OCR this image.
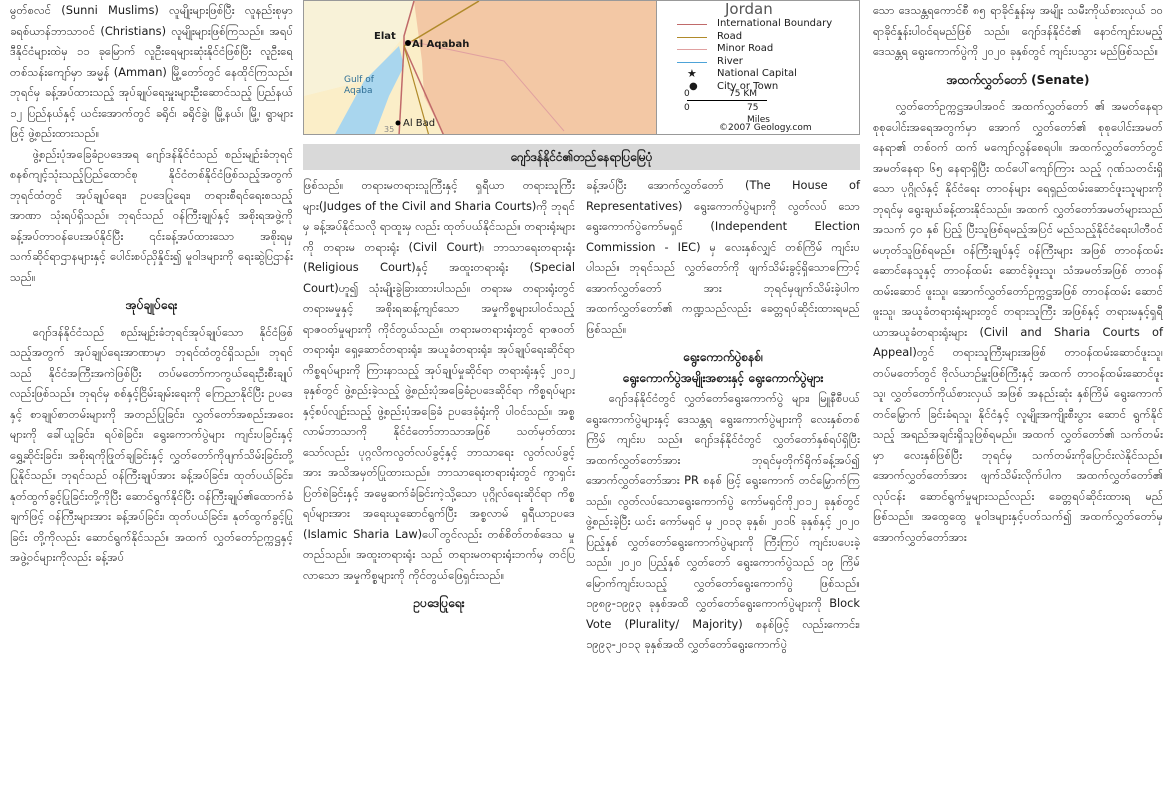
မွတ်စလင် (Sunni Muslims) လူမျိုးများဖြစ်ပြီး လူနည်းစုမှာ ခရစ်ယာန်ဘာသာဝင် (Christians) လူမျိုးများဖြစ်ကြသည်။ အရပ်ဒီနိုင်ငံများထဲမှ ၁၁ ခုမြောက် လူဦးရေများဆုံးနိုင်ငံဖြစ်ပြီး လူဦးရေ တစ်သန်းကျော်မှာ အမ္မန် (Amman) မြို့တော်တွင် နေထိုင်ကြသည်။ ဘုရင်မှ ခန့်အပ်ထားသည့် အုပ်ချုပ်ရေးမှူးများဦးဆောင်သည့် ပြည်နယ် ၁၂ ပြည်နယ်နှင့် ယင်းအောက်တွင် ခရိုင်၊ ခရိုင်ခွဲ၊ မြို့နယ်၊ မြို့၊ ရွာများဖြင့် ဖွဲ့စည်းထားသည်။

ဖွဲ့စည်းပုံအခြေခံဥပဒေအရ ဂျော်ဒန်နိုင်ငံသည် စည်းမျဉ်းခံဘုရင်စနစ်ကျင့်သုံးသည့်ပြည်ထောင်စု နိုင်ငံတစ်နိုင်ငံဖြစ်သည့်အတွက် ဘုရင်ထံတွင် အုပ်ချုပ်ရေး၊ ဥပဒေပြုရေး၊ တရားစီရင်ရေးစသည့် အာဏာ သုံးရပ်ရှိသည်။ ဘုရင်သည် ဝန်ကြီးချုပ်နှင့် အစိုးရအဖွဲ့ကို ခန့်အပ်တာဝန်ပေးအပ်နိုင်ပြီး ၎င်းခန့်အပ်ထားသော အစိုးရမှ သက်ဆိုင်ရာဌာနများနှင့် ပေါင်းစပ်ညှိနှိုင်း၍ မူဝါဒများကို ရေးဆွဲပြဌာန်းသည်။

အုပ်ချုပ်ရေး

ဂျော်ဒန်နိုင်ငံသည် စည်းမျဉ်းခံဘုရင်အုပ်ချုပ်သော နိုင်ငံဖြစ်သည့်အတွက် အုပ်ချုပ်ရေးအာဏာမှာ ဘုရင်ထံတွင်ရှိသည်။ ဘုရင်သည် နိုင်ငံအကြီးအကဲဖြစ်ပြီး တပ်မတော်ကာကွယ်ရေးဦးစီးချုပ် လည်းဖြစ်သည်။ ဘုရင်မှ စစ်နှင့်ငြိမ်းချမ်းရေးကို ကြေညာနိုင်ပြီး ဥပဒေနှင့် စာချုပ်စာတမ်းများကို အတည်ပြုခြင်း၊ လွှတ်တော်အစည်းအဝေးများကို ခေါ်ယူခြင်း၊ ရပ်စဲခြင်း၊ ရွေးကောက်ပွဲများ ကျင်းပခြင်းနှင့် ရွှေ့ဆိုင်းခြင်း၊ အစိုးရကိုဖြုတ်ချခြင်းနှင့် လွှတ်တော်ကိုဖျက်သိမ်းခြင်းတို့ပြုနိုင်သည်။ ဘုရင်သည် ဝန်ကြီးချုပ်အား ခန့်အပ်ခြင်း၊ ထုတ်ပယ်ခြင်း၊ နုတ်ထွက်ခွင့်ပြုခြင်းတို့ကိုပြီး ဆောင်ရွက်နိုင်ပြီး ဝန်ကြီးချုပ်၏ထောက်ခံချက်ဖြင့် ဝန်ကြီးများအား ခန့်အပ်ခြင်း၊ ထုတ်ပယ်ခြင်း၊ နုတ်ထွက်ခွင့်ပြုခြင်း တို့ကိုလည်း ဆောင်ရွက်နိုင်သည်။ အထက် လွှတ်တော်ဥက္ကဋ္ဌနှင့် အဖွဲ့ဝင်များကိုလည်း ခန့်အပ်

Elat
Al Aqabah
Gulf of Aqaba
Al Bad
35
Jordan
International Boundary
Road
Minor Road
River
★ National Capital
● City or Town
0	75 KM
0	75 Miles
©2007 Geology.com
ဂျော်ဒန်နိုင်ငံ၏တည်နေရာပြမြေပုံ

ဖြစ်သည်။ တရားမတရားသူကြီးနှင့် ရှရီယာ တရားသူကြီးများ(Judges of the Civil and Sharia Courts)ကို ဘုရင်မှ ခန့်အပ်နိုင်သလို ရာထူးမှ လည်း ထုတ်ပယ်နိုင်သည်။ တရားရုံးများကို တရားမ တရားရုံး (Civil Court)၊ ဘာသာရေးတရားရုံး (Religious Court)နှင့် အထူးတရားရုံး (Special Court)ဟူ၍ သုံးမျိုးခွဲခြားထားပါသည်။ တရားမ တရားရုံးတွင် တရားမမှုနှင့် အစိုးရဆန့်ကျင်သော အမှုကိစ္စများပါဝင်သည့် ရာဇဝတ်မှုများကို ကိုင်တွယ်သည်။ တရားမတရားရုံးတွင် ရာဇဝတ် တရားရုံး၊ ရှေ့ဆောင်တရားရုံး၊ အယူခံတရားရုံး၊ အုပ်ချုပ်ရေးဆိုင်ရာ ကိစ္စရပ်များကို ကြားနာသည့် အုပ်ချုပ်မှုဆိုင်ရာ တရားရုံးနှင့် ၂၀၁၂ ခုနှစ်တွင် ဖွဲ့စည်းခဲ့သည့် ဖွဲ့စည်းပုံအခြေခံဥပဒေဆိုင်ရာ ကိစ္စရပ်များနှင့်စပ်လျဉ်းသည့် ဖွဲ့စည်းပုံအခြေခံ ဥပဒေခုံရုံးကို ပါဝင်သည်။ အစ္စလာမ်ဘာသာကို နိုင်ငံတော်ဘာသာအဖြစ် သတ်မှတ်ထားသော်လည်း ပုဂ္ဂလိကလွတ်လပ်ခွင့်နှင့် ဘာသာရေး လွတ်လပ်ခွင့်အား အသိအမှတ်ပြုထားသည်။ ဘာသာရေးတရားရုံးတွင် ကွာရှင်းပြတ်စဲခြင်းနှင့် အမွေဆက်ခံခြင်းကဲ့သို့သော ပုဂ္ဂိုလ်ရေးဆိုင်ရာ ကိစ္စရပ်များအား အရေးယူဆောင်ရွက်ပြီး အစ္စလာမ် ရှရီယာဥပဒေ (Islamic Sharia Law)ပေါ်တွင်လည်း တစ်စိတ်တစ်ဒေသ မှုတည်သည်။ အထူးတရားရုံး သည် တရားမတရားရုံးဘက်မှ တင်ပြလာသော အမှုကိစ္စများကို ကိုင်တွယ်ဖြေရှင်းသည်။

ဥပဒေပြုရေး

ခန့်အပ်ပြီး အောက်လွှတ်တော် (The House of Representatives) ရွေးကောက်ပွဲများကို လွတ်လပ် သောရွေးကောက်ပွဲကော်မရှင် (Independent Election Commission - IEC) မှ လေးနှစ်လျှင် တစ်ကြိမ် ကျင်းပပါသည်။ ဘုရင်သည် လွှတ်တော်ကို ဖျက်သိမ်းခွင့်ရှိသောကြောင့် အောက်လွှတ်တော် အား ဘုရင်မှဖျက်သိမ်းခဲ့ပါက အထက်လွှတ်တော်၏ ကဏ္ဍသည်လည်း ခေတ္တရပ်ဆိုင်းထားရမည် ဖြစ်သည်။

ရွေးကောက်ပွဲစနစ်၊
ရွေးကောက်ပွဲအမျိုးအစားနှင့် ရွေးကောက်ပွဲများ

ဂျော်ဒန်နိုင်ငံတွင် လွှတ်တော်ရွေးကောက်ပွဲ များ၊ မြူနီစီပယ်ရွေးကောက်ပွဲများနှင့် ဒေသန္တရ ရွေးကောက်ပွဲများကို လေးနှစ်တစ်ကြိမ် ကျင်းပ သည်။ ဂျော်ဒန်နိုင်ငံတွင် လွှတ်တော်နှစ်ရပ်ရှိပြီး အထက်လွှတ်တော်အား ဘုရင်မှတိုက်ရိုက်ခန့်အပ်၍ အောက်လွှတ်တော်အား PR စနစ် ဖြင့် ရွေးကောက် တင်မြှောက်ကြသည်။ လွတ်လပ်သောရွေးကောက်ပွဲ ကော်မရှင်ကို၂၀၁၂ ခုနှစ်တွင် ဖွဲ့စည်းခဲ့ပြီး ယင်း ကော်မရှင် မှ ၂၀၁၃ ခုနှစ်၊ ၂၀၁၆ ခုနှစ်နှင့် ၂၀၂၀ ပြည့်နှစ် လွှတ်တော်ရွေးကောက်ပွဲများကို ကြီးကြပ် ကျင်းပပေးခဲ့သည်။ ၂၀၂၀ ပြည့်နှစ် လွှတ်တော် ရွေးကောက်ပွဲသည် ၁၉ ကြိမ်မြောက်ကျင်းပသည့် လွှတ်တော်ရွေးကောက်ပွဲ ဖြစ်သည်။ ၁၉၈၉-၁၉၉၃ ခုနှစ်အထိ လွှတ်တော်ရွေးကောက်ပွဲများကို Block Vote (Plurality/ Majority) စနစ်ဖြင့် လည်းကောင်း၊ ၁၉၉၃-၂၀၁၃ ခုနှစ်အထိ လွှတ်တော်ရွေးကောက်ပွဲ

သော ဒေသန္တရကောင်စီ ၈၅ ရာခိုင်နှုန်းမှ အမျိုး သမီးကိုယ်စားလှယ် ၁၀ ရာခိုင်နှုန်းပါဝင်ရမည်ဖြစ် သည်။ ဂျော်ဒန်နိုင်ငံ၏ နောင်ကျင်းပမည့် ဒေသန္တရ ရွေးကောက်ပွဲကို ၂၀၂၀ ခုနှစ်တွင် ကျင်းပသွား မည်ဖြစ်သည်။

အထက်လွှတ်တော် (Senate)

လွှတ်တော်ဥက္ကဋ္ဌအပါအဝင် အထက်လွှတ်တော် ၏ အမတ်နေရာစုစုပေါင်းအရေအတွက်မှာ အောက် လွှတ်တော်၏ စုစုပေါင်းအမတ်နေရာ၏ တစ်ဝက် ထက် မကျော်လွန်စေရပါ။ အထက်လွှတ်တော်တွင် အမတ်နေရာ ၆၅ နေရာရှိပြီး ထင်ပေါ်ကျော်ကြား သည့် ဂုဏ်သတင်းရှိသော ပုဂ္ဂိုလ်နှင့် နိုင်ငံရေး တာဝန်များ ရေရှည်ထမ်းဆောင်ဖူးသူများကို ဘုရင်မှ ရွေးချယ်ခန့်ထားနိုင်သည်။ အထက် လွှတ်တော်အမတ်များသည် အသက် ၄၀ နှစ် ပြည့် ပြီးသူဖြစ်ရမည့်အပြင် မည်သည့်နိုင်ငံရေးပါတီဝင် မဟုတ်သူဖြစ်ရမည်။ ဝန်ကြီးချုပ်နှင့် ဝန်ကြီးများ အဖြစ် တာဝန်ထမ်းဆောင်နေသူနှင့် တာဝန်ထမ်း ဆောင်ခဲ့ဖူးသူ၊ သံအမတ်အဖြစ် တာဝန်ထမ်းဆောင် ဖူးသူ၊ အောက်လွှတ်တော်ဥက္ကဋ္ဌအဖြစ် တာဝန်ထမ်း ဆောင်ဖူးသူ၊ အယူခံတရားရုံးများတွင် တရားသူကြီး အဖြစ်နှင့် တရားမနှင့်ရှရီယာအယူခံတရားရုံးများ (Civil and Sharia Courts of Appeal)တွင် တရားသူကြီးများအဖြစ် တာဝန်ထမ်းဆောင်ဖူးသူ၊ တပ်မတော်တွင် ဗိုလ်ယာဉ်မှူးဖြစ်ကြီးနှင့် အထက် တာဝန်ထမ်းဆောင်ဖူးသူ၊ လွှတ်တော်ကိုယ်စားလှယ် အဖြစ် အနည်းဆုံး နှစ်ကြိမ် ရွေးကောက်တင်မြှောက် ခြင်းခံရသူ၊ နိုင်ငံနှင့် လူမျိုးအကျိုးစီးပွား ဆောင် ရွက်နိုင်သည့် အရည်အချင်းရှိသူဖြစ်ရမည်။ အထက် လွှတ်တော်၏ သက်တမ်းမှာ လေးနှစ်ဖြစ်ပြီး ဘုရင်မှ သက်တမ်းကိုပြောင်းလဲနိုင်သည်။ အောက်လွှတ်တော်အား ဖျက်သိမ်းလိုက်ပါက အထက်လွှတ်တော်၏ လုပ်ငန်း ဆောင်ရွက်မှုများသည်လည်း ခေတ္တရပ်ဆိုင်းထားရ မည်ဖြစ်သည်။ အထွေထွေ မူဝါဒများနှင့်ပတ်သက်၍ အထက်လွှတ်တော်မှ အောက်လွှတ်တော်အား
